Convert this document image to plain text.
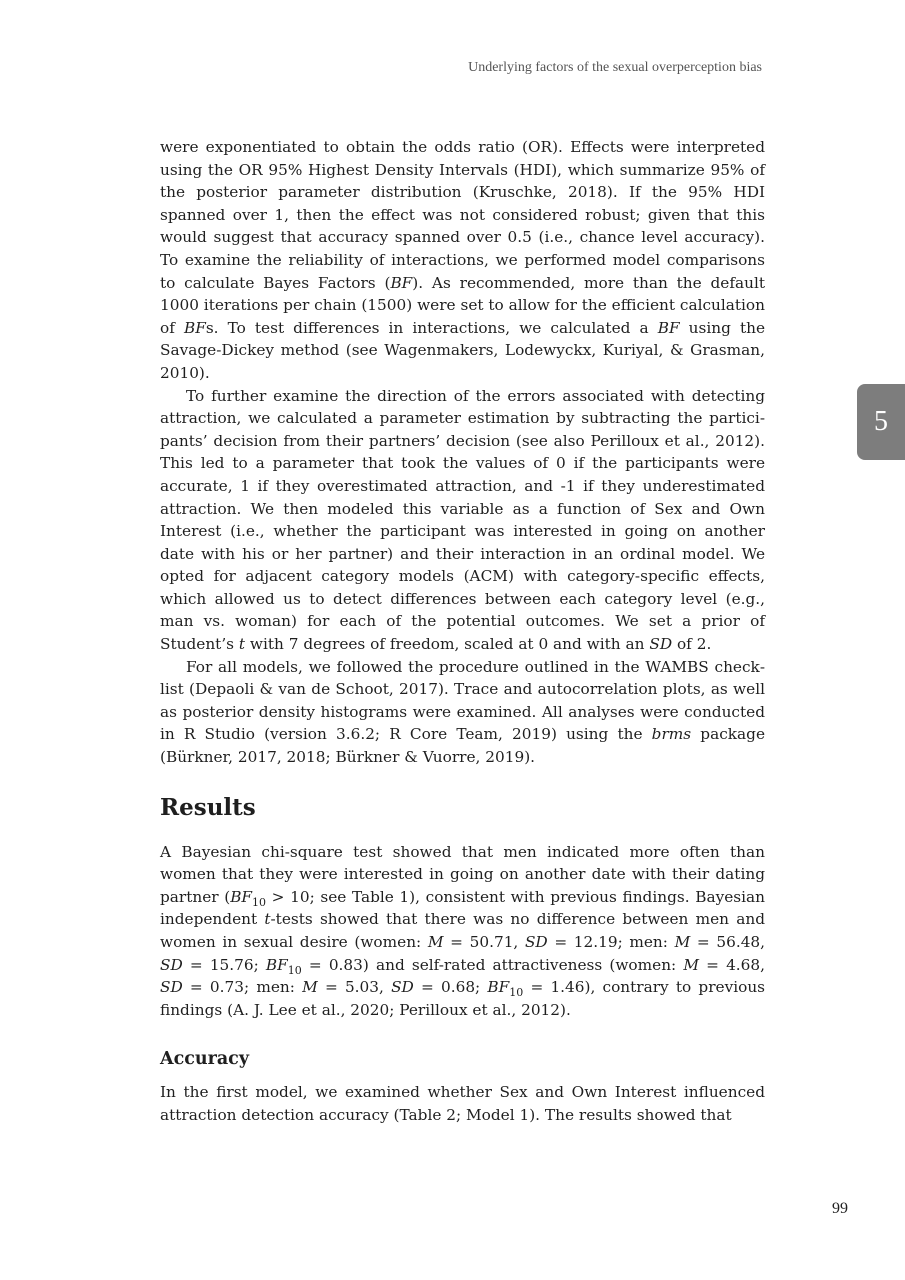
Underlying factors of the sexual overperception bias
5

were exponentiated to obtain the odds ratio (OR). Effects were interpreted using the OR 95% Highest Density Intervals (HDI), which summarize 95% of the posterior parameter distribution (Kruschke, 2018). If the 95% HDI spanned over 1, then the effect was not considered robust; given that this would suggest that accuracy spanned over 0.5 (i.e., chance level accuracy). To examine the reliability of interactions, we performed model comparisons to calculate Bayes Factors (BF). As recommended, more than the default 1000 iterations per chain (1500) were set to allow for the efficient calculation of BFs. To test differences in interactions, we calculated a BF using the Savage-Dickey method (see Wagenmakers, Lodewyckx, Kuriyal, & Grasman, 2010).

To further examine the direction of the errors associated with detecting attraction, we calculated a parameter estimation by subtracting the participants’ decision from their partners’ decision (see also Perilloux et al., 2012). This led to a parameter that took the values of 0 if the participants were accurate, 1 if they overestimated attraction, and -1 if they underestimated attraction. We then modeled this variable as a function of Sex and Own Interest (i.e., whether the participant was interested in going on another date with his or her partner) and their interaction in an ordinal model. We opted for adjacent category models (ACM) with category-specific effects, which allowed us to detect differences between each category level (e.g., man vs. woman) for each of the potential outcomes. We set a prior of Student’s t with 7 degrees of freedom, scaled at 0 and with an SD of 2.

For all models, we followed the procedure outlined in the WAMBS checklist (Depaoli & van de Schoot, 2017). Trace and autocorrelation plots, as well as posterior density histograms were examined. All analyses were conducted in R Studio (version 3.6.2; R Core Team, 2019) using the brms package (Bürkner, 2017, 2018; Bürkner & Vuorre, 2019).

Results

A Bayesian chi-square test showed that men indicated more often than women that they were interested in going on another date with their dating partner ($BF_{10} > 10$; see Table 1), consistent with previous findings. Bayesian independent t-tests showed that there was no difference between men and women in sexual desire (women: M = 50.71, SD = 12.19; men: M = 56.48, SD = 15.76; $BF_{10} = 0.83$) and self-rated attractiveness (women: M = 4.68, SD = 0.73; men: M = 5.03, SD = 0.68; $BF_{10} = 1.46$), contrary to previous findings (A. J. Lee et al., 2020; Perilloux et al., 2012).

Accuracy

In the first model, we examined whether Sex and Own Interest influenced attraction detection accuracy (Table 2; Model 1). The results showed that

99
